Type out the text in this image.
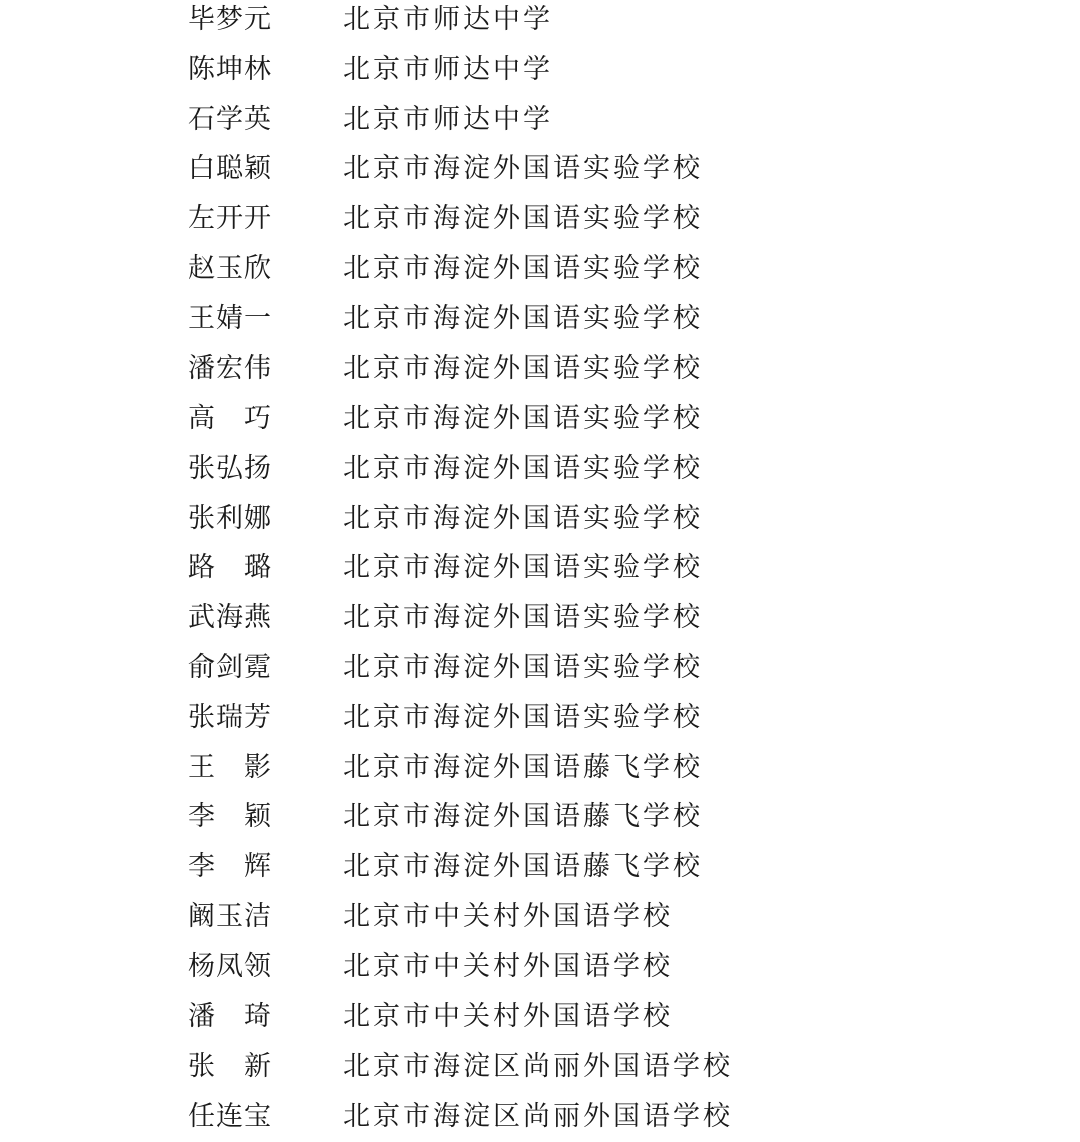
毕梦元	北京市师达中学
陈坤林	北京市师达中学
石学英	北京市师达中学
白聪颖	北京市海淀外国语实验学校
左开开	北京市海淀外国语实验学校
赵玉欣	北京市海淀外国语实验学校
王婧一	北京市海淀外国语实验学校
潘宏伟	北京市海淀外国语实验学校
高　巧	北京市海淀外国语实验学校
张弘扬	北京市海淀外国语实验学校
张利娜	北京市海淀外国语实验学校
路　璐	北京市海淀外国语实验学校
武海燕	北京市海淀外国语实验学校
俞剑霓	北京市海淀外国语实验学校
张瑞芳	北京市海淀外国语实验学校
王　影	北京市海淀外国语藤飞学校
李　颖	北京市海淀外国语藤飞学校
李　辉	北京市海淀外国语藤飞学校
阚玉洁	北京市中关村外国语学校
杨凤领	北京市中关村外国语学校
潘　琦	北京市中关村外国语学校
张　新	北京市海淀区尚丽外国语学校
任连宝	北京市海淀区尚丽外国语学校
